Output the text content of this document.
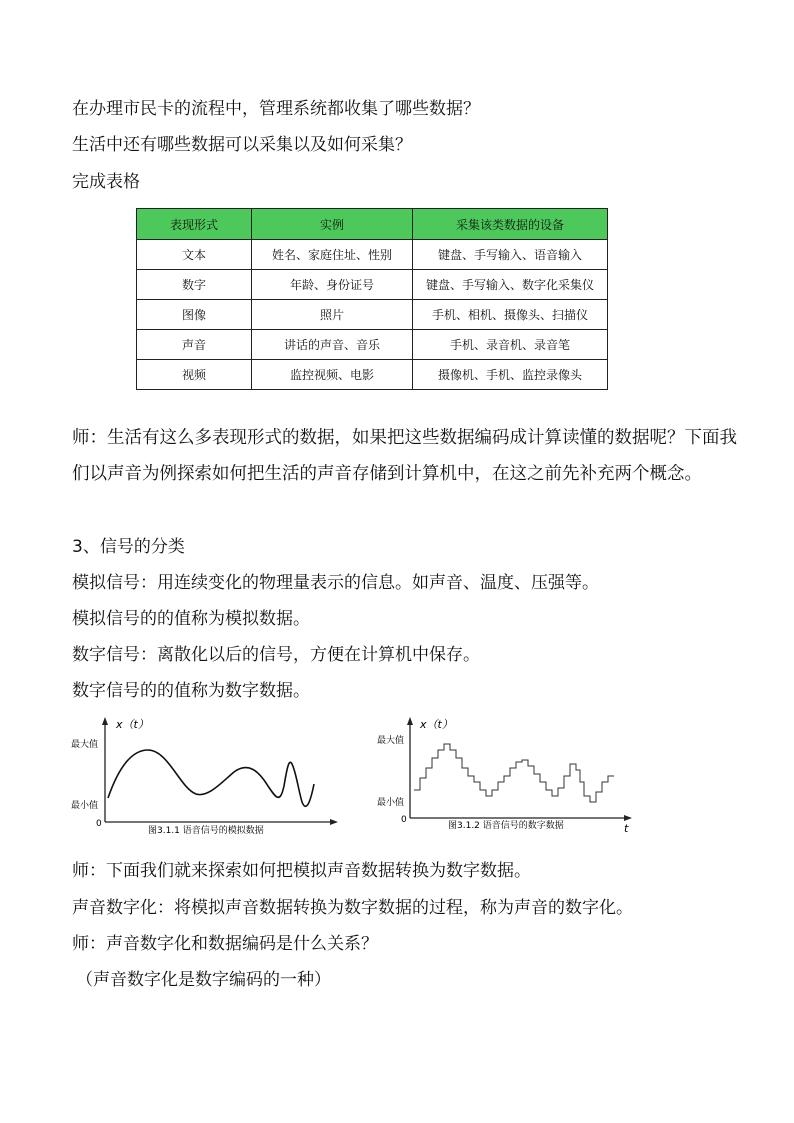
在办理市民卡的流程中，管理系统都收集了哪些数据？
生活中还有哪些数据可以采集以及如何采集？
完成表格
表现形式	实例	采集该类数据的设备
文本	姓名、家庭住址、性别	键盘、手写输入、语音输入
数字	年龄、身份证号	键盘、手写输入、数字化采集仪
图像	照片	手机、相机、摄像头、扫描仪
声音	讲话的声音、音乐	手机、录音机、录音笔
视频	监控视频、电影	摄像机、手机、监控录像头
师：生活有这么多表现形式的数据，如果把这些数据编码成计算读懂的数据呢？下面我们以声音为例探索如何把生活的声音存储到计算机中，在这之前先补充两个概念。
3、信号的分类
模拟信号：用连续变化的物理量表示的信息。如声音、温度、压强等。
模拟信号的的值称为模拟数据。
数字信号：离散化以后的信号，方便在计算机中保存。
数字信号的的值称为数字数据。
x（t）
最大值
最小值
0
图3.1.1 语音信号的模拟数据
x（t）
最大值
最小值
0
t
图3.1.2 语音信号的数字数据
师：下面我们就来探索如何把模拟声音数据转换为数字数据。
声音数字化：将模拟声音数据转换为数字数据的过程，称为声音的数字化。
师：声音数字化和数据编码是什么关系？
（声音数字化是数字编码的一种）
